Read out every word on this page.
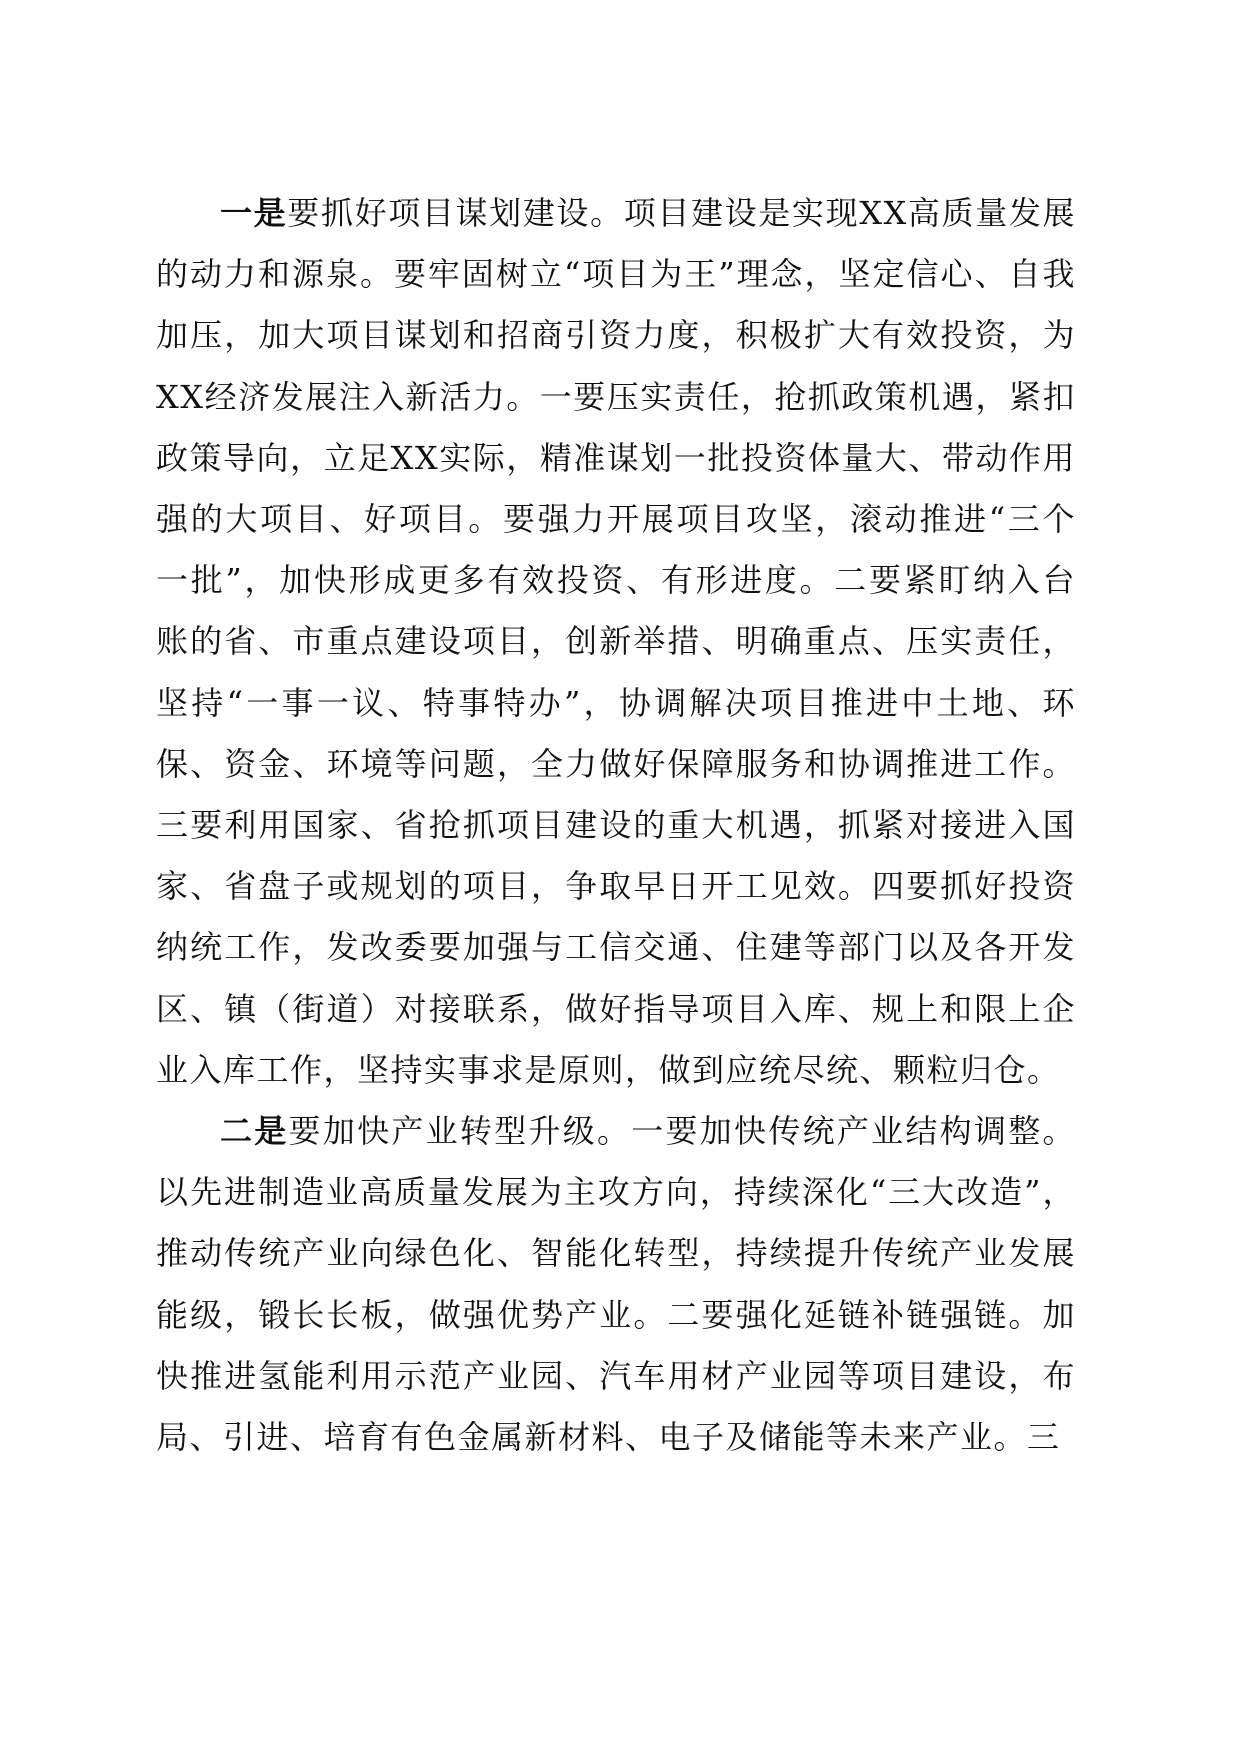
一是要抓好项目谋划建设。项目建设是实现XX高质量发展的动力和源泉。要牢固树立“项目为王”理念，坚定信心、自我加压，加大项目谋划和招商引资力度，积极扩大有效投资，为XX经济发展注入新活力。一要压实责任，抢抓政策机遇，紧扣政策导向，立足XX实际，精准谋划一批投资体量大、带动作用强的大项目、好项目。要强力开展项目攻坚，滚动推进“三个一批”，加快形成更多有效投资、有形进度。二要紧盯纳入台账的省、市重点建设项目，创新举措、明确重点、压实责任，坚持“一事一议、特事特办”，协调解决项目推进中土地、环保、资金、环境等问题，全力做好保障服务和协调推进工作。三要利用国家、省抢抓项目建设的重大机遇，抓紧对接进入国家、省盘子或规划的项目，争取早日开工见效。四要抓好投资纳统工作，发改委要加强与工信交通、住建等部门以及各开发区、镇（街道）对接联系，做好指导项目入库、规上和限上企业入库工作，坚持实事求是原则，做到应统尽统、颗粒归仓。

二是要加快产业转型升级。一要加快传统产业结构调整。以先进制造业高质量发展为主攻方向，持续深化“三大改造”，推动传统产业向绿色化、智能化转型，持续提升传统产业发展能级，锻长长板，做强优势产业。二要强化延链补链强链。加快推进氢能利用示范产业园、汽车用材产业园等项目建设，布局、引进、培育有色金属新材料、电子及储能等未来产业。三
